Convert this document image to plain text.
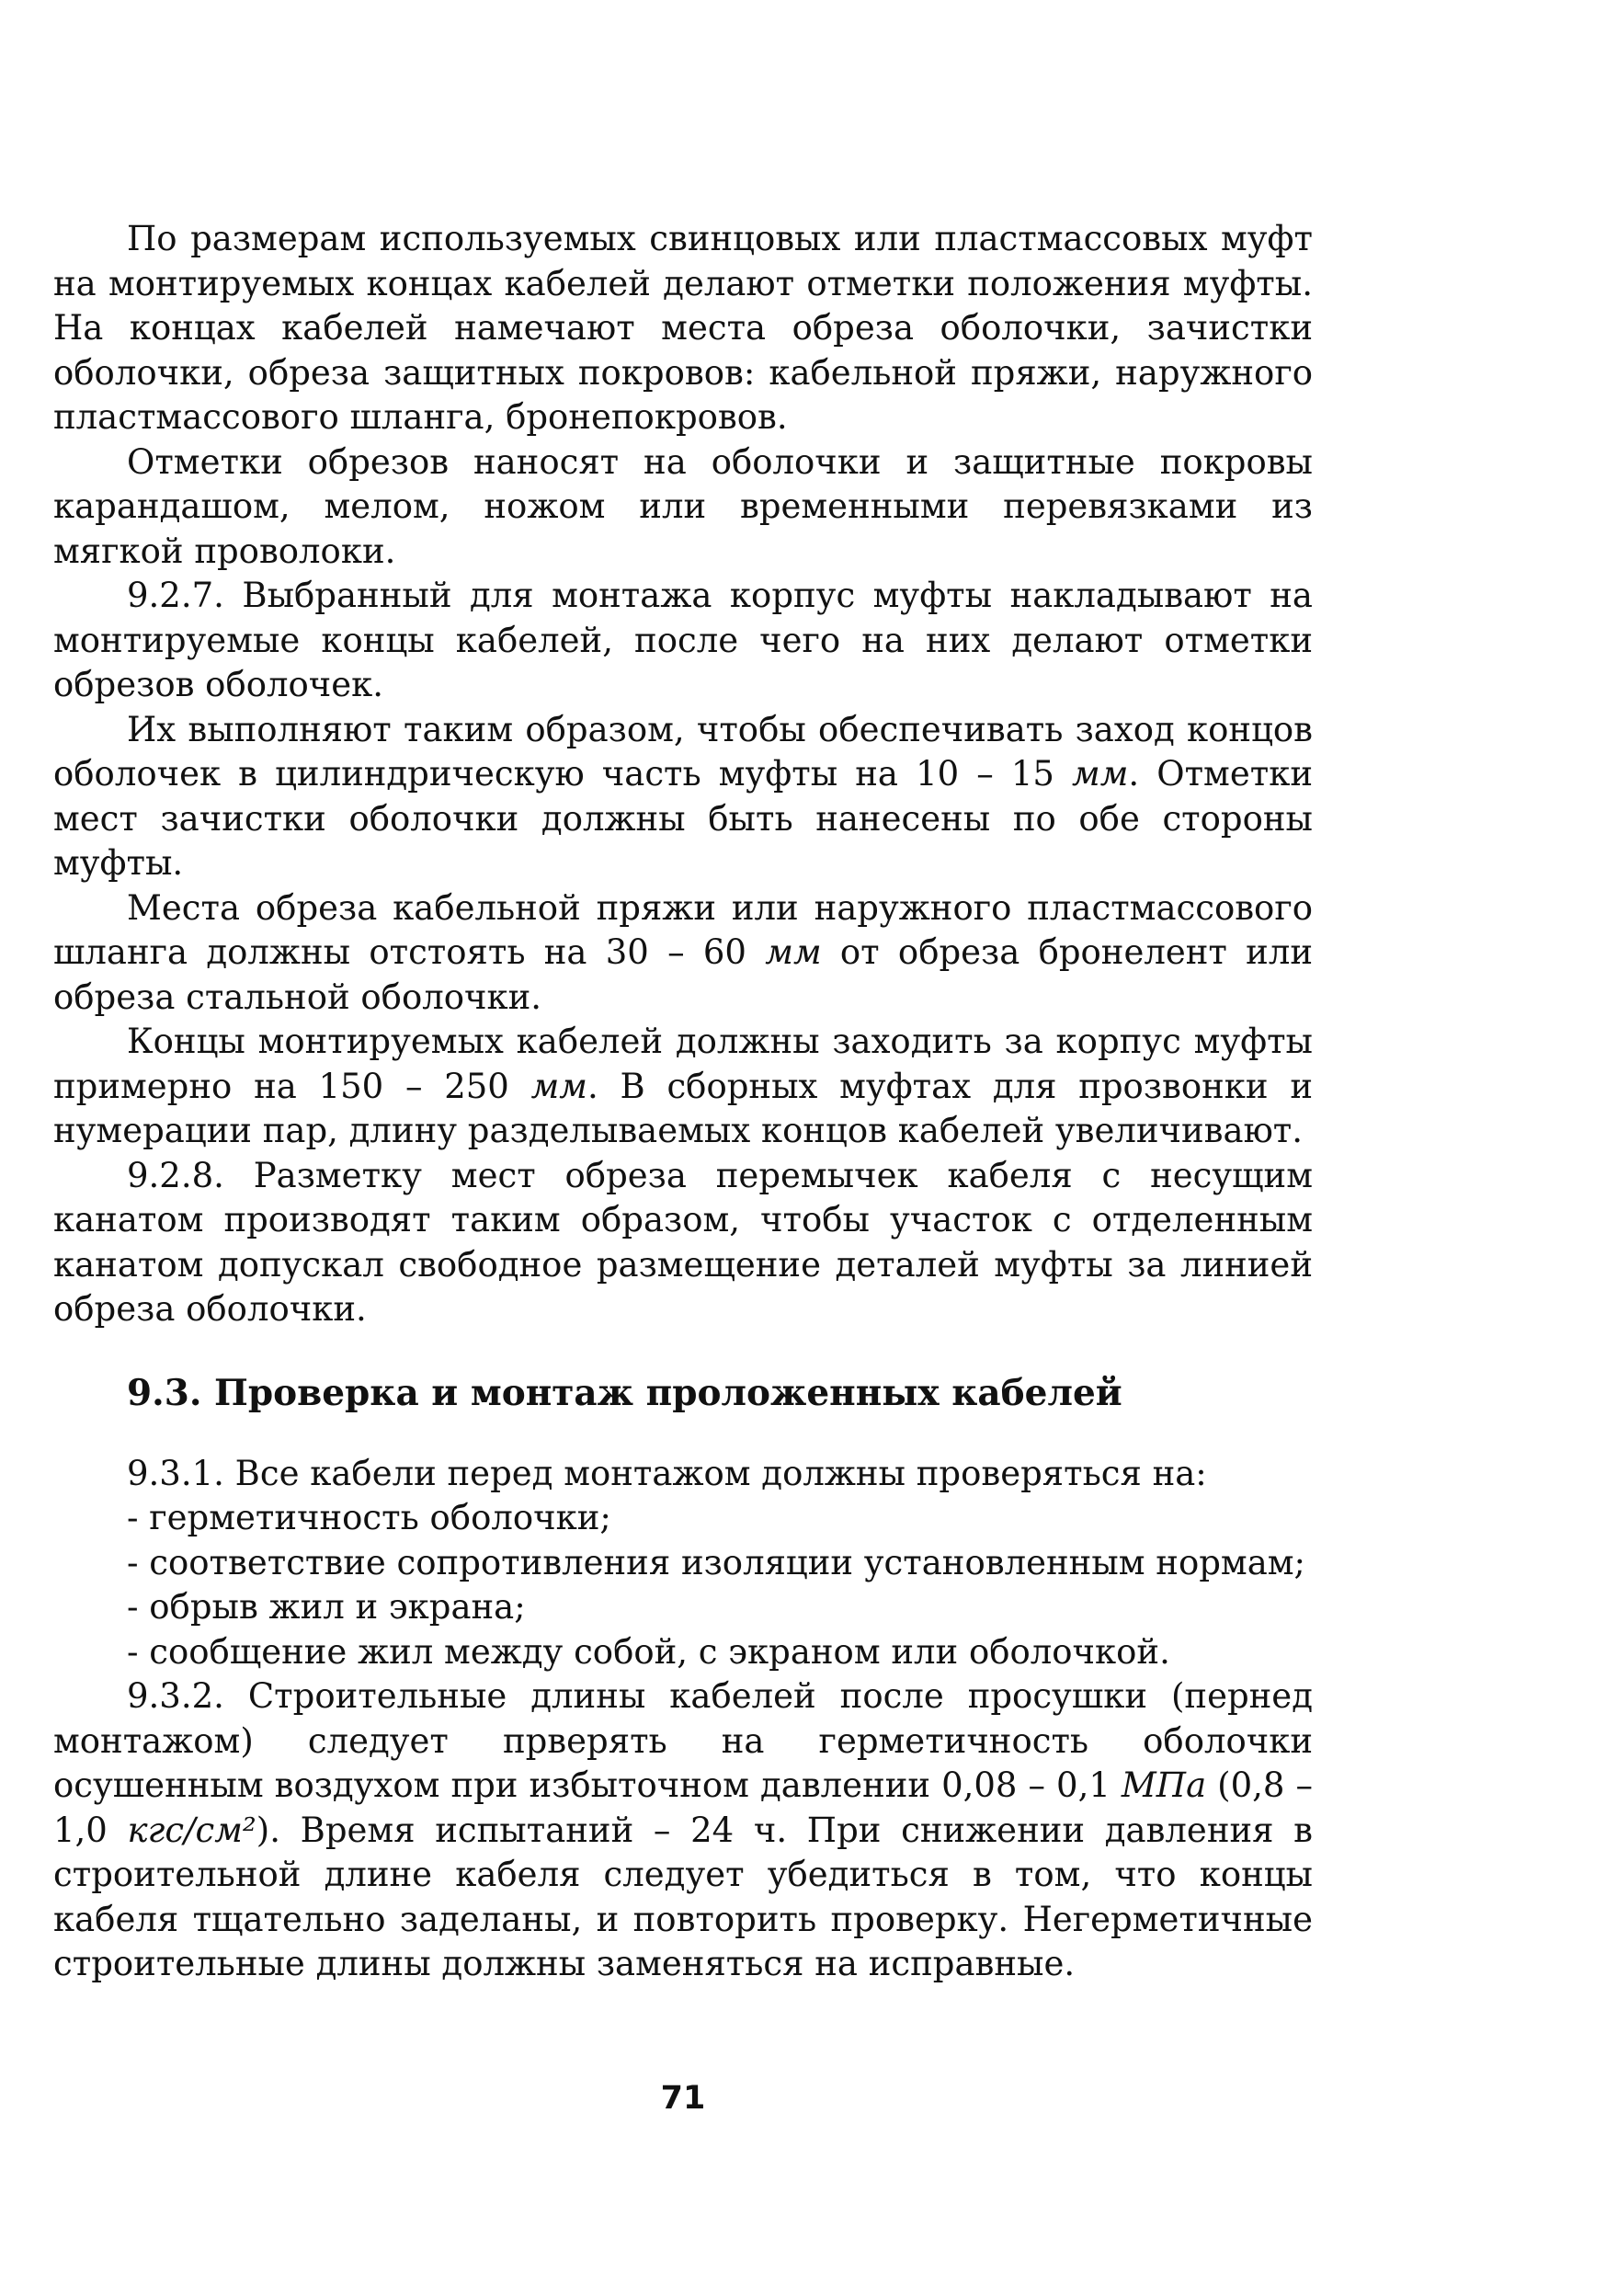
По размерам используемых свинцовых или пластмассовых муфт на монтируемых концах кабелей делают отметки положения муфты. На концах кабелей намечают места обреза оболочки, зачистки оболочки, обреза защитных покровов: кабельной пряжи, наружного пластмассового шланга, бронепокровов.

Отметки обрезов наносят на оболочки и защитные покровы карандашом, мелом, ножом или временными перевязками из мягкой проволоки.

9.2.7. Выбранный для монтажа корпус муфты накладывают на монтируемые концы кабелей, после чего на них делают отметки обрезов оболочек.

Их выполняют таким образом, чтобы обеспечивать заход концов оболочек в цилиндрическую часть муфты на 10 – 15 мм. Отметки мест зачистки оболочки должны быть нанесены по обе стороны муфты.

Места обреза кабельной пряжи или наружного пластмассового шланга должны отстоять на 30 – 60 мм от обреза бронелент или обреза стальной оболочки.

Концы монтируемых кабелей должны заходить за корпус муфты примерно на 150 – 250 мм. В сборных муфтах для прозвонки и нумерации пар, длину разделываемых концов кабелей увеличивают.

9.2.8. Разметку мест обреза перемычек кабеля с несущим канатом производят таким образом, чтобы участок с отделенным канатом допускал свободное размещение деталей муфты за линией обреза оболочки.

9.3. Проверка и монтаж проложенных кабелей

9.3.1. Все кабели перед монтажом должны проверяться на:

- герметичность оболочки;
- соответствие сопротивления изоляции установленным нормам;
- обрыв жил и экрана;
- сообщение жил между собой, с экраном или оболочкой.

9.3.2. Строительные длины кабелей после просушки (пернед монтажом) следует прверять на герметичность оболочки осушенным воздухом при избыточном давлении 0,08 – 0,1 МПа (0,8 – 1,0 кгс/см²). Время испытаний – 24 ч. При снижении давления в строительной длине кабеля следует убедиться в том, что концы кабеля тщательно заделаны, и повторить проверку. Негерметичные строительные длины должны заменяться на исправные.

71
